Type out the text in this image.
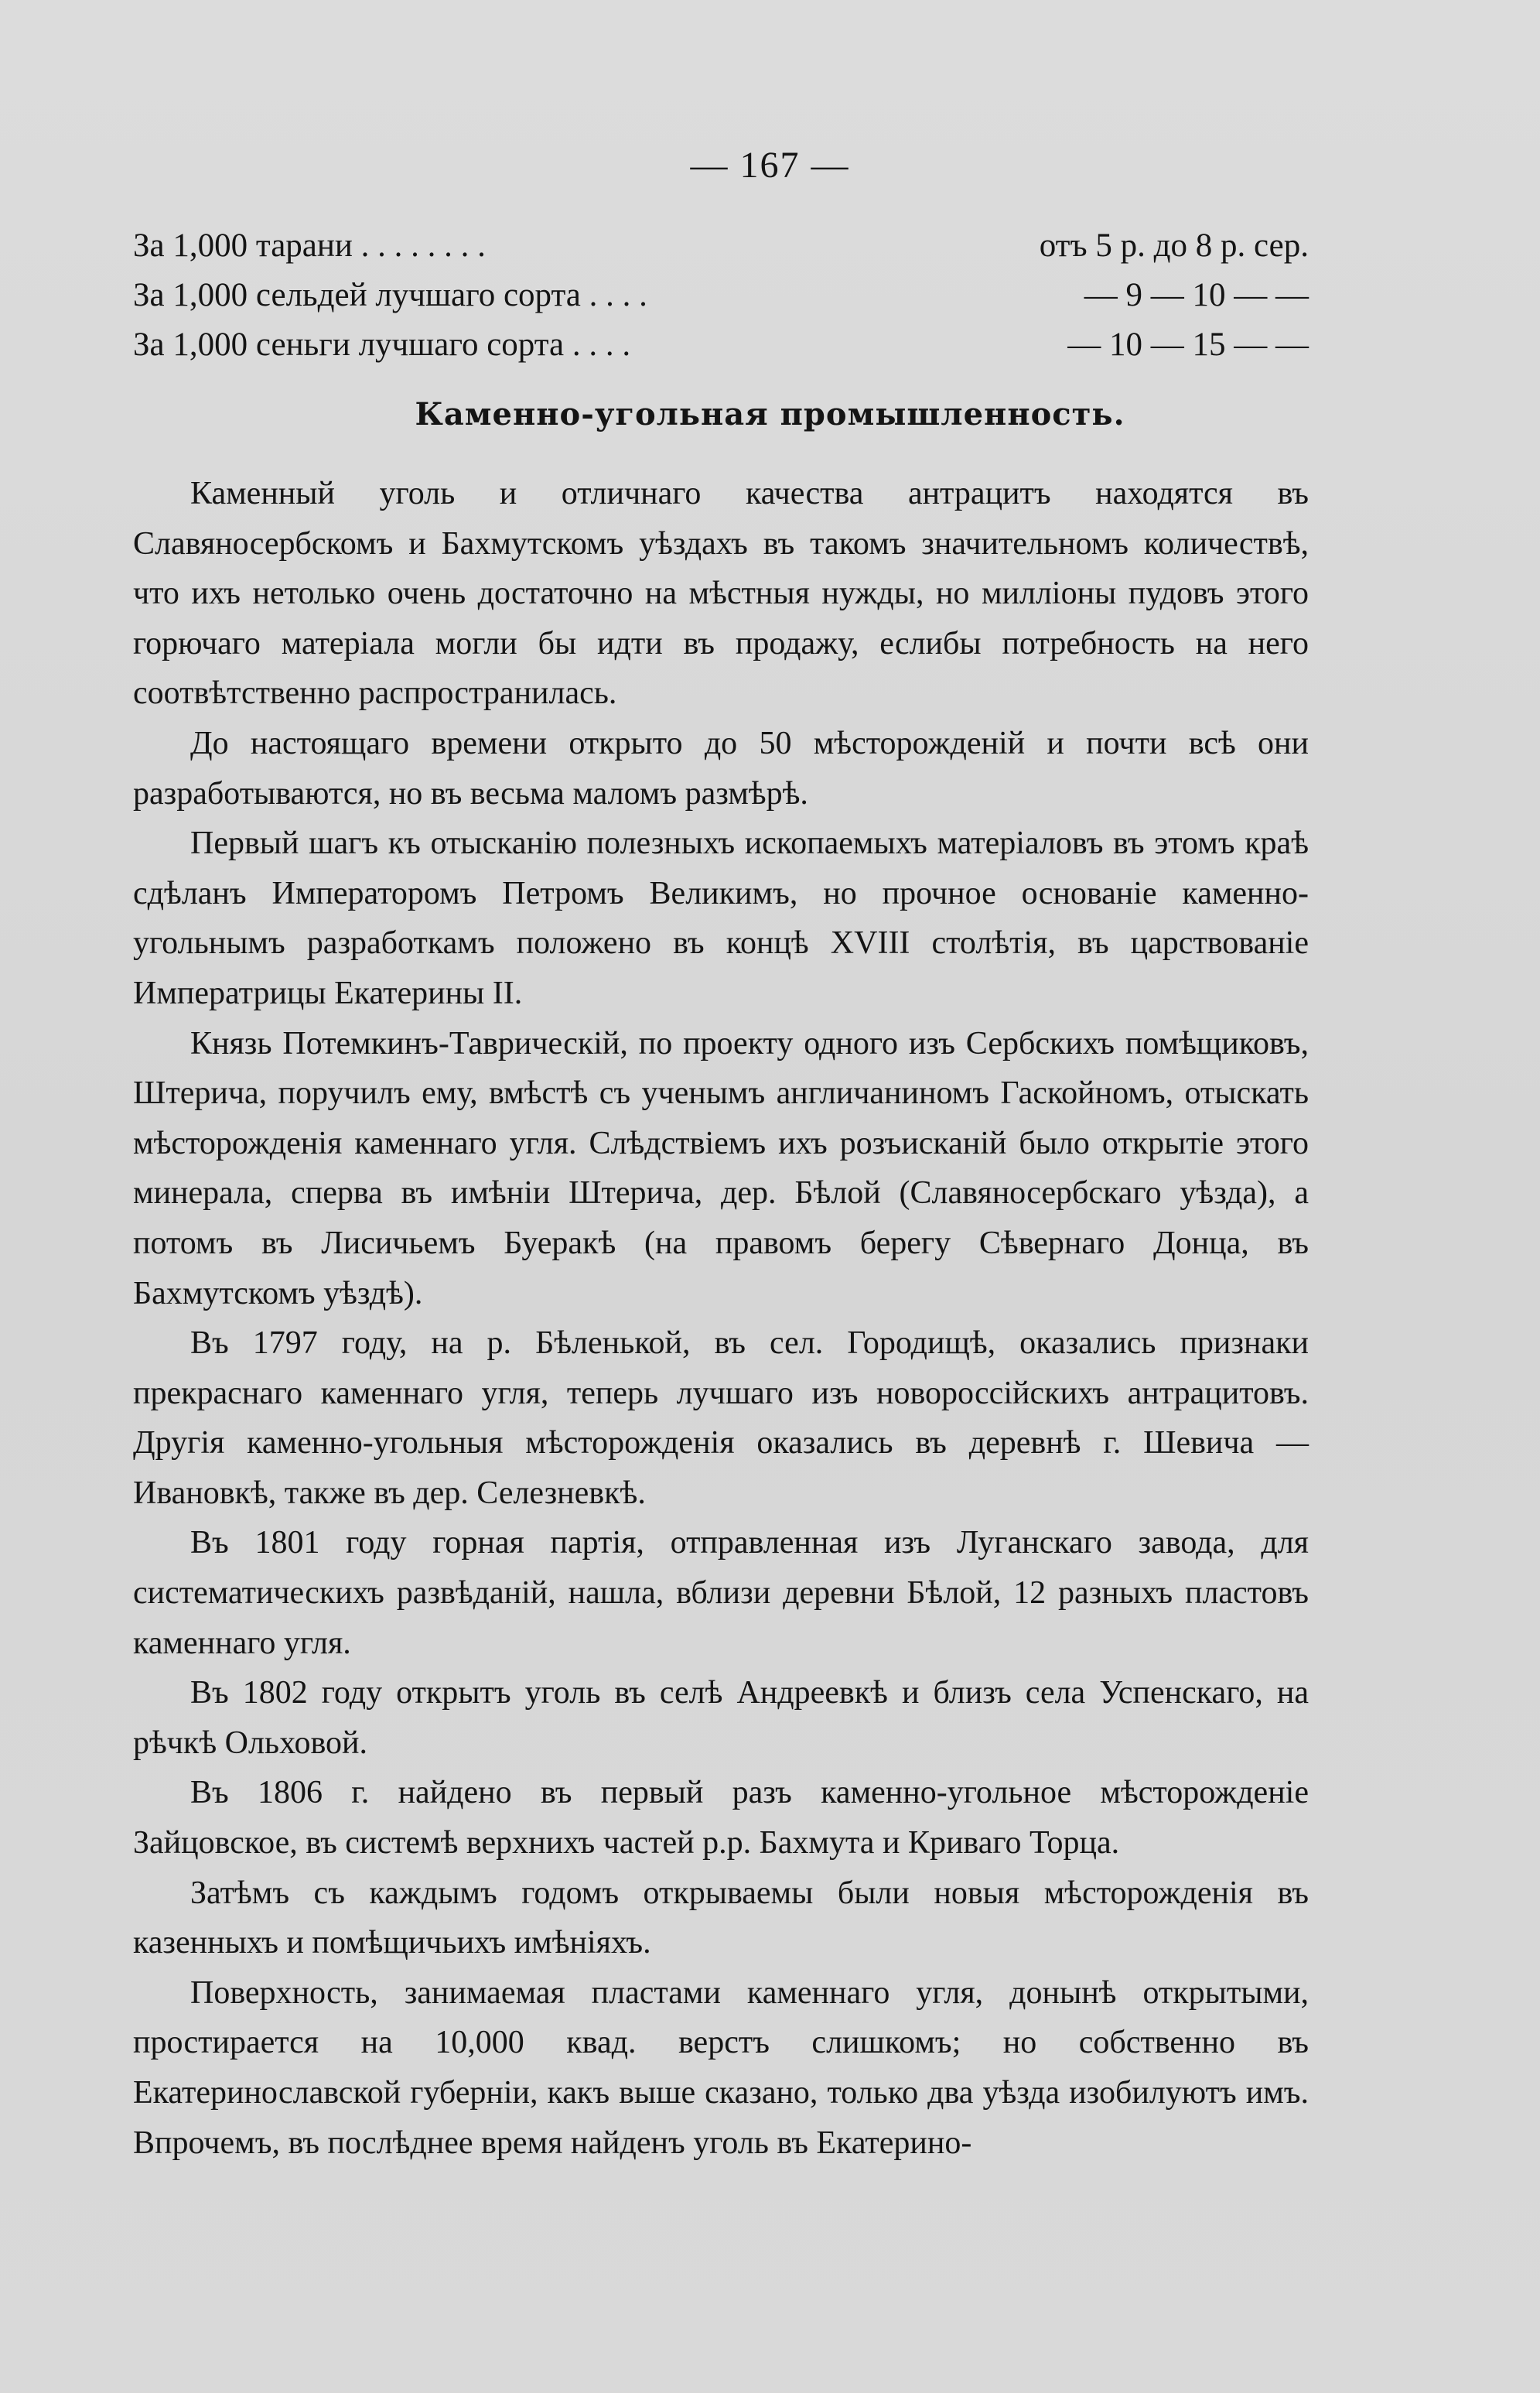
— 167 —
За 1,000 тарани . . . . . . . .	отъ 5 р. до 8 р. сер.
За 1,000 сельдей лучшаго сорта . . . .	— 9 — 10 — —
За 1,000 сеньги лучшаго сорта . . . .	— 10 — 15 — —
Каменно-угольная промышленность.

Каменный уголь и отличнаго качества антрацитъ находятся въ Славяносербскомъ и Бахмутскомъ уѣздахъ въ такомъ значительномъ количествѣ, что ихъ нетолько очень достаточно на мѣстныя нужды, но милліоны пудовъ этого горючаго матеріала могли бы идти въ продажу, еслибы потребность на него соотвѣтственно распространилась.

До настоящаго времени открыто до 50 мѣсторожденій и почти всѣ они разработываются, но въ весьма маломъ размѣрѣ.

Первый шагъ къ отысканію полезныхъ ископаемыхъ матеріаловъ въ этомъ краѣ сдѣланъ Императоромъ Петромъ Великимъ, но прочное основаніе каменно-угольнымъ разработкамъ положено въ концѣ XVIII столѣтія, въ царствованіе Императрицы Екатерины II.

Князь Потемкинъ-Таврическій, по проекту одного изъ Сербскихъ помѣщиковъ, Штерича, поручилъ ему, вмѣстѣ съ ученымъ англичаниномъ Гаскойномъ, отыскать мѣсторожденія каменнаго угля. Слѣдствіемъ ихъ розъисканій было открытіе этого минерала, сперва въ имѣніи Штерича, дер. Бѣлой (Славяносербскаго уѣзда), а потомъ въ Лисичьемъ Буеракѣ (на правомъ берегу Сѣвернаго Донца, въ Бахмутскомъ уѣздѣ).

Въ 1797 году, на р. Бѣленькой, въ сел. Городищѣ, оказались признаки прекраснаго каменнаго угля, теперь лучшаго изъ новороссійскихъ антрацитовъ. Другія каменно-угольныя мѣсторожденія оказались въ деревнѣ г. Шевича — Ивановкѣ, также въ дер. Селезневкѣ.

Въ 1801 году горная партія, отправленная изъ Луганскаго завода, для систематическихъ развѣданій, нашла, вблизи деревни Бѣлой, 12 разныхъ пластовъ каменнаго угля.

Въ 1802 году открытъ уголь въ селѣ Андреевкѣ и близъ села Успенскаго, на рѣчкѣ Ольховой.

Въ 1806 г. найдено въ первый разъ каменно-угольное мѣсторожденіе Зайцовское, въ системѣ верхнихъ частей р.р. Бахмута и Криваго Торца.

Затѣмъ съ каждымъ годомъ открываемы были новыя мѣсторожденія въ казенныхъ и помѣщичьихъ имѣніяхъ.

Поверхность, занимаемая пластами каменнаго угля, донынѣ открытыми, простирается на 10,000 квад. верстъ слишкомъ; но собственно въ Екатеринославской губерніи, какъ выше сказано, только два уѣзда изобилуютъ имъ. Впрочемъ, въ послѣднее время найденъ уголь въ Екатерино-
